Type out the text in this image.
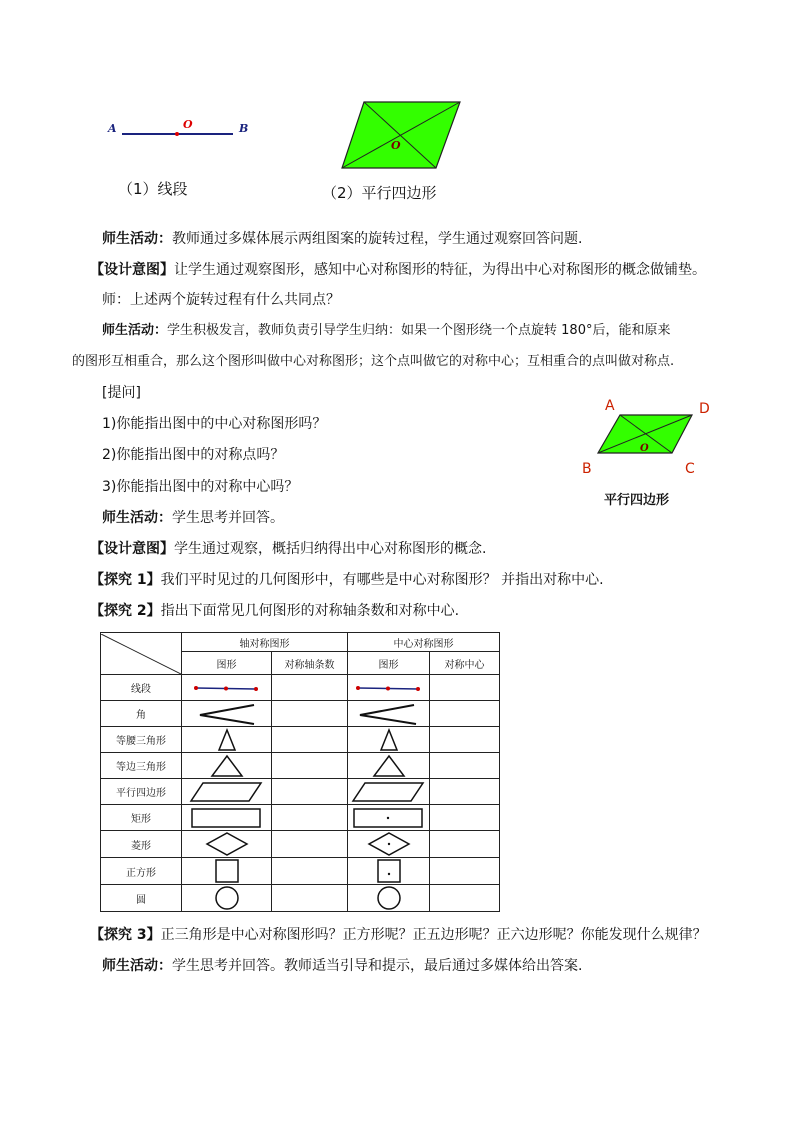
A	O	B
（1）线段
O
（2）平行四边形
师生活动：教师通过多媒体展示两组图案的旋转过程，学生通过观察回答问题.
【设计意图】让学生通过观察图形，感知中心对称图形的特征，为得出中心对称图形的概念做铺垫。
师：上述两个旋转过程有什么共同点？
师生活动：学生积极发言，教师负责引导学生归纳：如果一个图形绕一个点旋转 180°后，能和原来
的图形互相重合，那么这个图形叫做中心对称图形；这个点叫做它的对称中心；互相重合的点叫做对称点.
[提问]
1)你能指出图中的中心对称图形吗？
2)你能指出图中的对称点吗？
3)你能指出图中的对称中心吗？
师生活动：学生思考并回答。
【设计意图】学生通过观察，概括归纳得出中心对称图形的概念.
【探究 1】我们平时见过的几何图形中，有哪些是中心对称图形？ 并指出对称中心.
【探究 2】指出下面常见几何图形的对称轴条数和对称中心.
A	D
B	C
O
平行四边形
	轴对称图形		中心对称图形	
	图形	对称轴条数	图形	对称中心
线段	

角	

等腰三角形	

等边三角形	

平行四边形	

矩形	

菱形	

正方形	

圆	

【探究 3】正三角形是中心对称图形吗？正方形呢？正五边形呢？正六边形呢？你能发现什么规律？
师生活动：学生思考并回答。教师适当引导和提示，最后通过多媒体给出答案.
